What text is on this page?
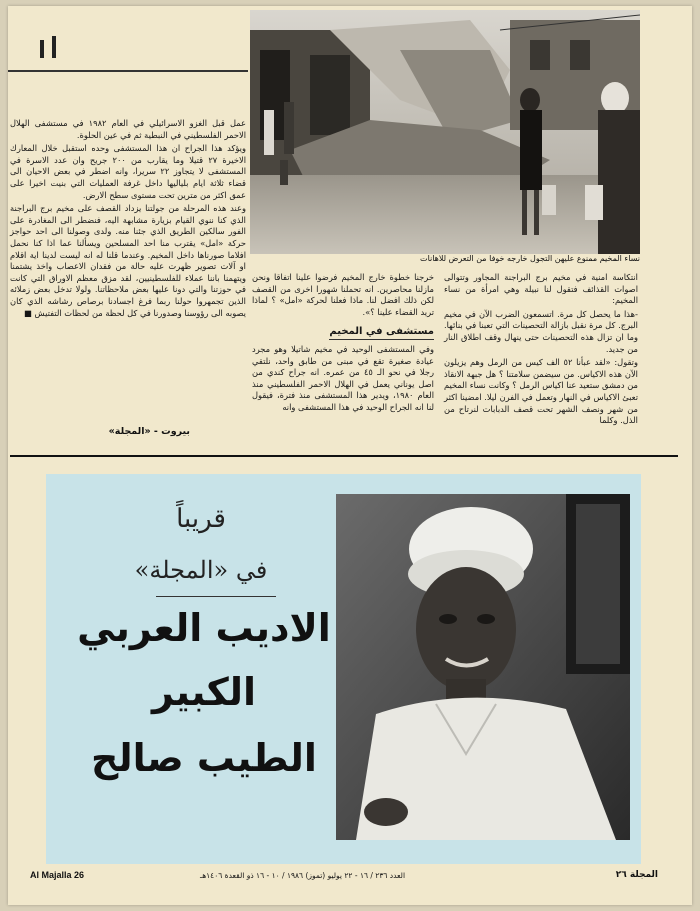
نساء المخيم ممنوع عليهن التجول خارجه خوفا من التعرض للاهانات

عمل قبل الغزو الاسرائيلي في العام ١٩٨٢ في مستشفى الهلال الاحمر الفلسطيني في النبطية ثم في عين الحلوة.

ويؤكد هذا الجراح ان هذا المستشفى وحده استقبل خلال المعارك الاخيرة ٢٧ قتيلا وما يقارب من ٢٠٠ جريح وان عدد الاسرة في المستشفى لا يتجاوز ٢٢ سريرا، وانه اضطر في بعض الاحيان الى قضاء ثلاثة ايام بلياليها داخل غرفة العمليات التي بنيت اخيرا على عمق اكثر من مترين تحت مستوى سطح الارض.

وعند هذه المرحلة من جولتنا يزداد القصف على مخيم برج البراجنة الذي كنا ننوي القيام بزيارة مشابهة اليه، فنضطر الى المغادرة على الفور سالكين الطريق الذي جئنا منه. ولدى وصولنا الى احد حواجز حركة «امل» يقترب منا احد المسلحين ويسألنا عما اذا كنا نحمل افلاما صورناها داخل المخيم. وعندما قلنا له انه ليست لدينا اية اقلام او آلات تصوير ظهرت عليه حالة من فقدان الاعصاب واخذ يشتمنا ويتهمنا باننا عملاء للفلسطينيين، لقد مزق معظم الاوراق التي كانت في حوزتنا والتي دونا عليها بعض ملاحظاتنا. ولولا تدخل بعض زملائه الذين تجمهروا حولنا ربما فرغ اجسادنا برصاص رشاشه الذي كان يصوبه الى رؤوسنا وصدورنا في كل لحظة من لحظات التفتيش ■

بيروت - «المجلة»

خرجنا خطوة خارج المخيم فرضوا علينا اتفاقا ونحن مازلنا محاصرين. انه تحملنا شهورا اخرى من القصف لكن ذلك افضل لنا. ماذا فعلنا لحركة «امل» ؟ لماذا تريد القضاء علينا ؟».

مستشفى في المخيم

وفي المستشفى الوحيد في مخيم شاتيلا وهو مجرد عيادة صغيرة تقع في مبنى من طابق واحد، نلتقي رجلا في نحو الـ ٤٥ من عمره. انه جراح كندي من اصل يوناني يعمل في الهلال الاحمر الفلسطيني منذ العام ١٩٨٠، ويدير هذا المستشفى منذ فترة، فيقول لنا انه الجراح الوحيد في هذا المستشفى وانه

انتكاسة امنية في مخيم برج البراجنة المجاور وتتوالى اصوات القذائف فتقول لنا نبيلة وهي امرأة من نساء المخيم:

-هذا ما يحصل كل مرة. اتسمعون الضرب الآن في مخيم البرج. كل مرة نقبل بازالة التحصينات التي تعبنا في بنائها. وما ان تزال هذه التحصينات حتى ينهال وقف اطلاق النار من جديد.

وتقول: «لقد عبأنا ٥٢ الف كيس من الرمل وهم يزيلون الآن هذه الاكياس. من سيضمن سلامتنا ؟ هل جبهة الانقاذ من دمشق ستعيد عنا اكياس الرمل ؟ وكانت نساء المخيم تعبئ الاكياس في النهار وتعمل في الفرن ليلا. امضينا اكثر من شهر ونصف الشهر تحت قصف الدبابات لنرتاح من الذل. وكلما

قريباً
في «المجلة»
الاديب العربي
الكبير
الطيب صالح
Al Majalla 26	العدد ٢٣٦ / ١٦ - ٢٢ يوليو (تموز) ١٩٨٦ / ١٠ - ١٦ ذو القعدة ١٤٠٦هـ	المجلة ٢٦
